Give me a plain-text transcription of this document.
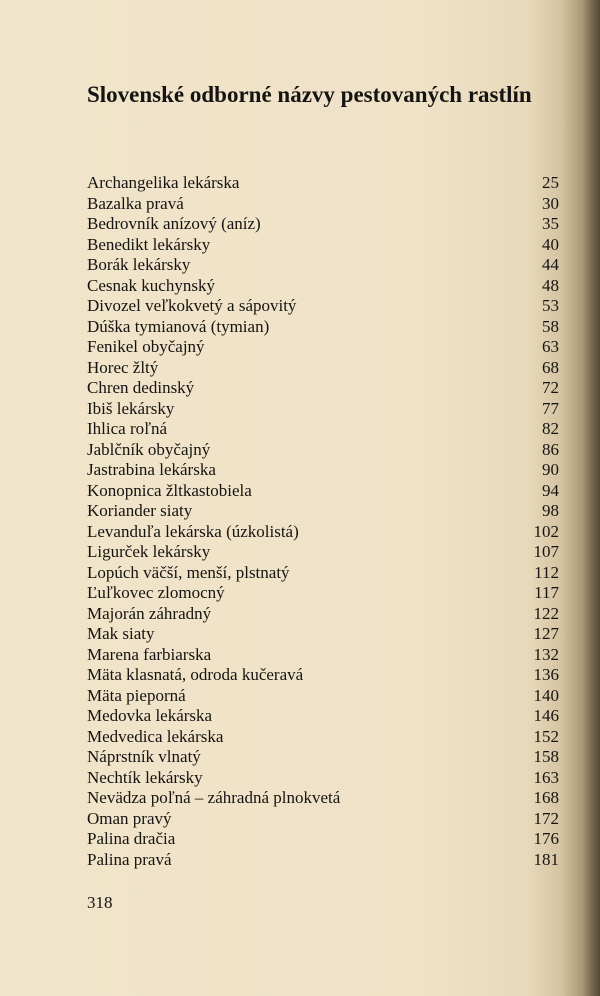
Slovenské odborné názvy pestovaných rastlín
Archangelika lekárska	25
Bazalka pravá	30
Bedrovník anízový (aníz)	35
Benedikt lekársky	40
Borák lekársky	44
Cesnak kuchynský	48
Divozel veľkokvetý a sápovitý	53
Dúška tymianová (tymian)	58
Fenikel obyčajný	63
Horec žltý	68
Chren dedinský	72
Ibiš lekársky	77
Ihlica roľná	82
Jablčník obyčajný	86
Jastrabina lekárska	90
Konopnica žltkastobiela	94
Koriander siaty	98
Levanduľa lekárska (úzkolistá)	102
Ligurček lekársky	107
Lopúch väčší, menší, plstnatý	112
Ľuľkovec zlomocný	117
Majorán záhradný	122
Mak siaty	127
Marena farbiarska	132
Mäta klasnatá, odroda kučeravá	136
Mäta pieporná	140
Medovka lekárska	146
Medvedica lekárska	152
Náprstník vlnatý	158
Nechtík lekársky	163
Nevädza poľná – záhradná plnokvetá	168
Oman pravý	172
Palina dračia	176
Palina pravá	181
318
